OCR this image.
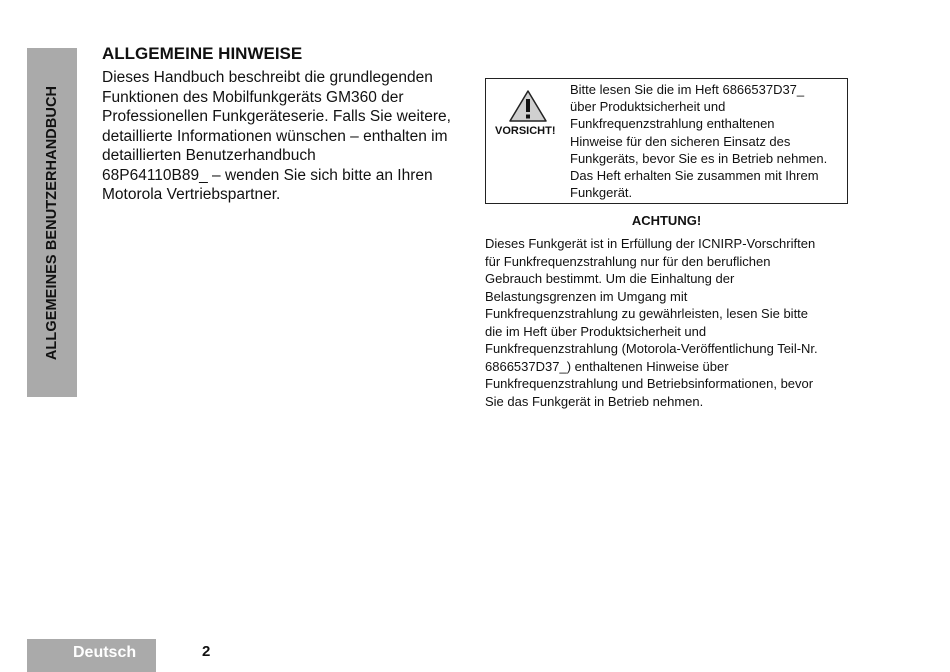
ALLGEMEINES BENUTZERHANDBUCH
ALLGEMEINE HINWEISE

Dieses Handbuch beschreibt die grundlegenden
Funktionen des Mobilfunkgeräts GM360 der
Professionellen Funkgeräteserie. Falls Sie weitere,
detaillierte Informationen wünschen – enthalten im
detaillierten Benutzerhandbuch
68P64110B89_ – wenden Sie sich bitte an Ihren
Motorola Vertriebspartner.

VORSICHT!

Bitte lesen Sie die im Heft 6866537D37_
über Produktsicherheit und
Funkfrequenzstrahlung enthaltenen
Hinweise für den sicheren Einsatz des
Funkgeräts, bevor Sie es in Betrieb nehmen.
Das Heft erhalten Sie zusammen mit Ihrem
Funkgerät.

ACHTUNG!

Dieses Funkgerät ist in Erfüllung der ICNIRP-Vorschriften
für Funkfrequenzstrahlung nur für den beruflichen
Gebrauch bestimmt. Um die Einhaltung der
Belastungsgrenzen im Umgang mit
Funkfrequenzstrahlung zu gewährleisten, lesen Sie bitte
die im Heft über Produktsicherheit und
Funkfrequenzstrahlung (Motorola-Veröffentlichung Teil-Nr.
6866537D37_) enthaltenen Hinweise über
Funkfrequenzstrahlung und Betriebsinformationen, bevor
Sie das Funkgerät in Betrieb nehmen.

Deutsch	2
